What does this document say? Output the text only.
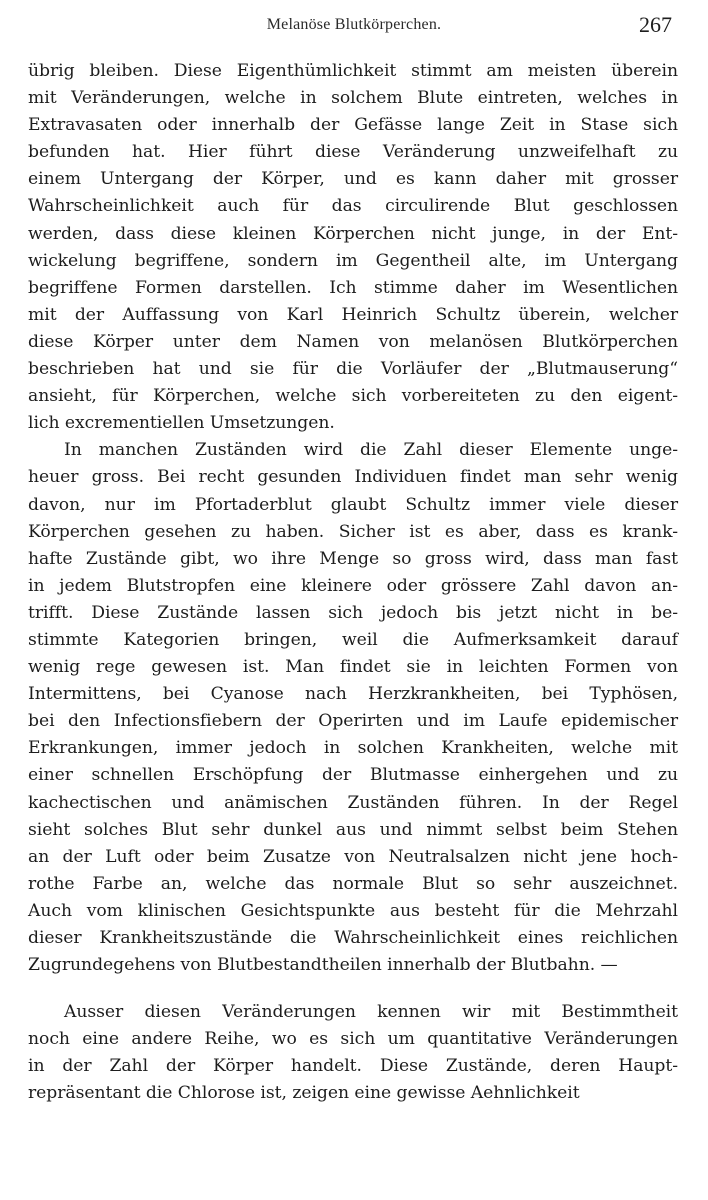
Melanöse Blutkörperchen.	267

übrig bleiben. Diese Eigenthümlichkeit stimmt am meisten überein
mit Veränderungen, welche in solchem Blute eintreten, welches in
Extravasaten oder innerhalb der Gefässe lange Zeit in Stase sich
befunden hat. Hier führt diese Veränderung unzweifelhaft zu
einem Untergang der Körper, und es kann daher mit grosser
Wahrscheinlichkeit auch für das circulirende Blut geschlossen
werden, dass diese kleinen Körperchen nicht junge, in der Ent-
wickelung begriffene, sondern im Gegentheil alte, im Untergang
begriffene Formen darstellen. Ich stimme daher im Wesentlichen
mit der Auffassung von Karl Heinrich Schultz überein, welcher
diese Körper unter dem Namen von melanösen Blutkörperchen
beschrieben hat und sie für die Vorläufer der „Blutmauserung“
ansieht, für Körperchen, welche sich vorbereiteten zu den eigent-
lich excrementiellen Umsetzungen.

In manchen Zuständen wird die Zahl dieser Elemente unge-
heuer gross. Bei recht gesunden Individuen findet man sehr wenig
davon, nur im Pfortaderblut glaubt Schultz immer viele dieser
Körperchen gesehen zu haben. Sicher ist es aber, dass es krank-
hafte Zustände gibt, wo ihre Menge so gross wird, dass man fast
in jedem Blutstropfen eine kleinere oder grössere Zahl davon an-
trifft. Diese Zustände lassen sich jedoch bis jetzt nicht in be-
stimmte Kategorien bringen, weil die Aufmerksamkeit darauf
wenig rege gewesen ist. Man findet sie in leichten Formen von
Intermittens, bei Cyanose nach Herzkrankheiten, bei Typhösen,
bei den Infectionsfiebern der Operirten und im Laufe epidemischer
Erkrankungen, immer jedoch in solchen Krankheiten, welche mit
einer schnellen Erschöpfung der Blutmasse einhergehen und zu
kachectischen und anämischen Zuständen führen. In der Regel
sieht solches Blut sehr dunkel aus und nimmt selbst beim Stehen
an der Luft oder beim Zusatze von Neutralsalzen nicht jene hoch-
rothe Farbe an, welche das normale Blut so sehr auszeichnet.
Auch vom klinischen Gesichtspunkte aus besteht für die Mehrzahl
dieser Krankheitszustände die Wahrscheinlichkeit eines reichlichen
Zugrundegehens von Blutbestandtheilen innerhalb der Blutbahn. —

Ausser diesen Veränderungen kennen wir mit Bestimmtheit
noch eine andere Reihe, wo es sich um quantitative Veränderungen
in der Zahl der Körper handelt. Diese Zustände, deren Haupt-
repräsentant die Chlorose ist, zeigen eine gewisse Aehnlichkeit
